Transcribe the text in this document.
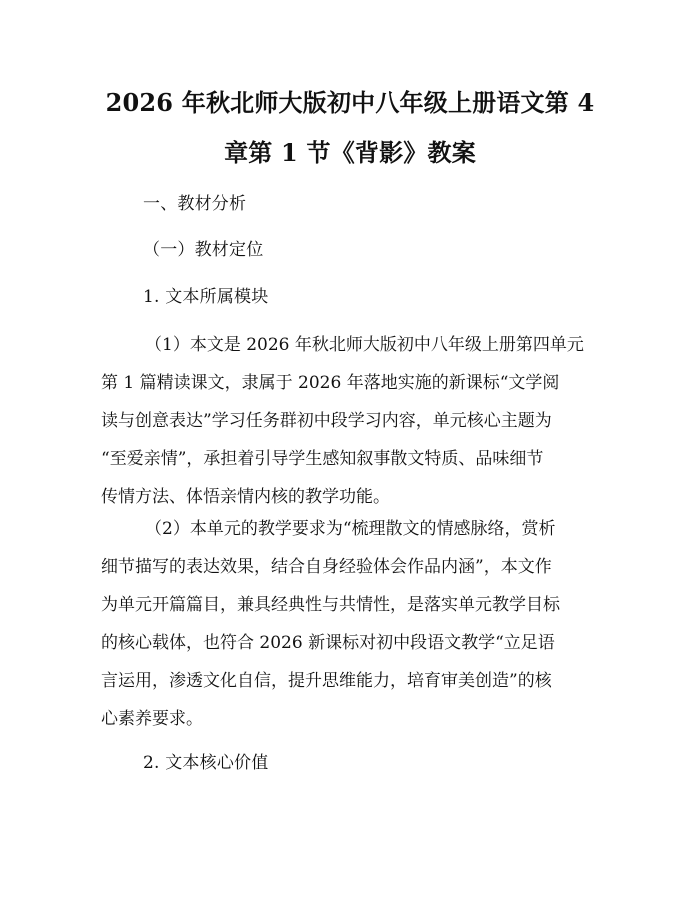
2026 年秋北师大版初中八年级上册语文第 4
章第 1 节《背影》教案
一、教材分析
（一）教材定位
1. 文本所属模块
（1）本文是 2026 年秋北师大版初中八年级上册第四单元
第 1 篇精读课文，隶属于 2026 年落地实施的新课标“文学阅
读与创意表达”学习任务群初中段学习内容，单元核心主题为
“至爱亲情”，承担着引导学生感知叙事散文特质、品味细节
传情方法、体悟亲情内核的教学功能。
（2）本单元的教学要求为“梳理散文的情感脉络，赏析
细节描写的表达效果，结合自身经验体会作品内涵”，本文作
为单元开篇篇目，兼具经典性与共情性，是落实单元教学目标
的核心载体，也符合 2026 新课标对初中段语文教学“立足语
言运用，渗透文化自信，提升思维能力，培育审美创造”的核
心素养要求。
2. 文本核心价值
